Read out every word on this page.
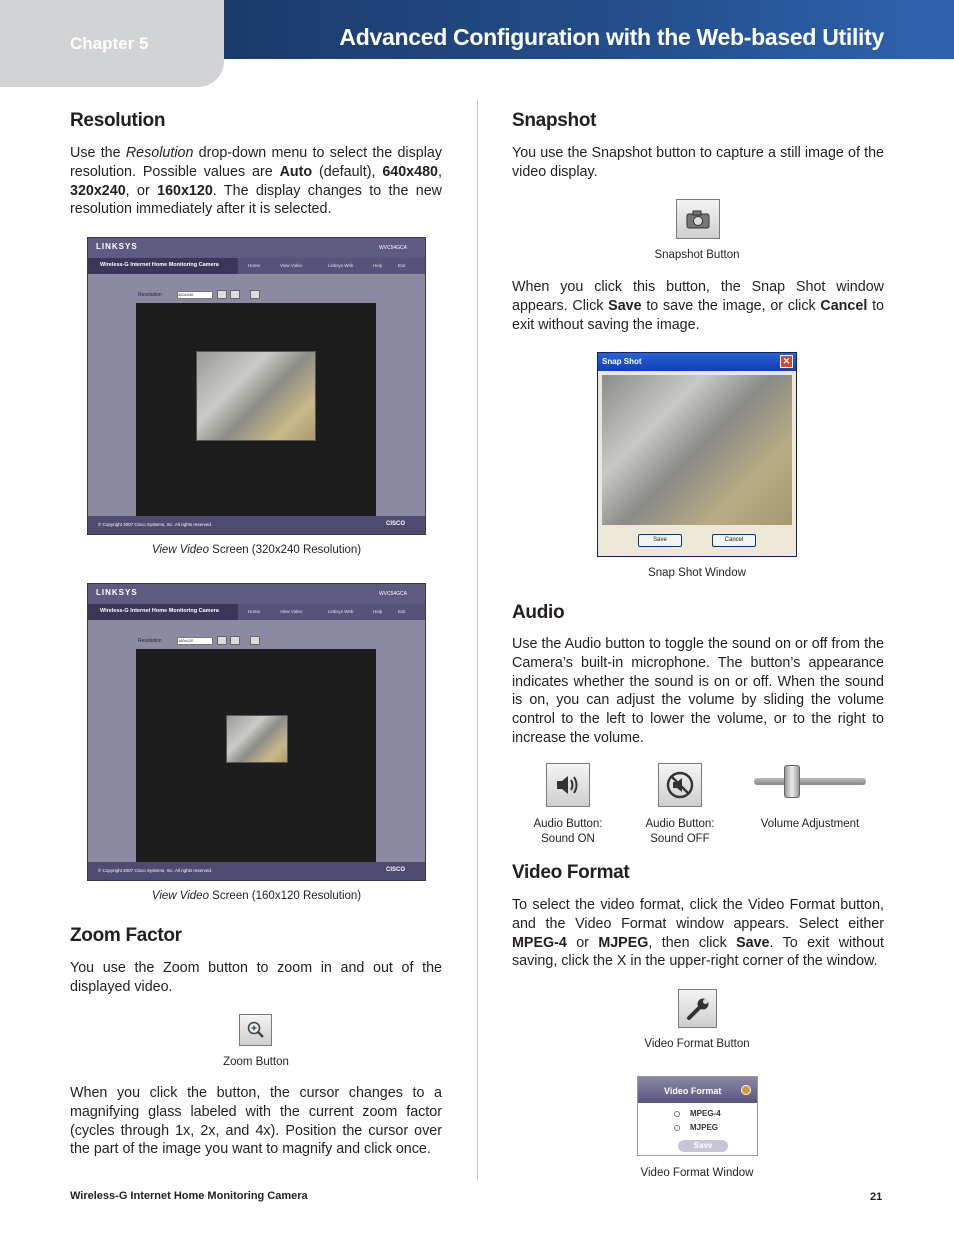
Chapter 5	Advanced Configuration with the Web-based Utility
Resolution

Use the Resolution drop-down menu to select the display resolution. Possible values are Auto (default), 640x480, 320x240, or 160x120. The display changes to the new resolution immediately after it is selected.

LINKSYS	WVC54GCA
Wireless-G Internet Home Monitoring Camera	Home	View Video	Linksys Web	Help	Exit
Resolution	320x240
© Copyright 2007 Cisco Systems, Inc. All rights reserved.	CISCO
View Video Screen (320x240 Resolution)
LINKSYS	WVC54GCA
Wireless-G Internet Home Monitoring Camera	Home	View Video	Linksys Web	Help	Exit
Resolution	160x120
© Copyright 2007 Cisco Systems, Inc. All rights reserved.	CISCO
View Video Screen (160x120 Resolution)
Zoom Factor

You use the Zoom button to zoom in and out of the displayed video.

Zoom Button

When you click the button, the cursor changes to a magnifying glass labeled with the current zoom factor (cycles through 1x, 2x, and 4x). Position the cursor over the part of the image you want to magnify and click once.

Snapshot

You use the Snapshot button to capture a still image of the video display.

Snapshot Button

When you click this button, the Snap Shot window appears. Click Save to save the image, or click Cancel to exit without saving the image.

Snap Shot	✕
Save	Cancel
Snap Shot Window
Audio

Use the Audio button to toggle the sound on or off from the Camera’s built-in microphone. The button’s appearance indicates whether the sound is on or off. When the sound is on, you can adjust the volume by sliding the volume control to the left to lower the volume, or to the right to increase the volume.

Audio Button:
Sound ON
Audio Button:
Sound OFF
Volume Adjustment
Video Format

To select the video format, click the Video Format button, and the Video Format window appears. Select either MPEG-4 or MJPEG, then click Save. To exit without saving, click the X in the upper-right corner of the window.

Video Format Button
Video Format
MPEG-4
MJPEG
Save
Video Format Window
Wireless-G Internet Home Monitoring Camera	21
